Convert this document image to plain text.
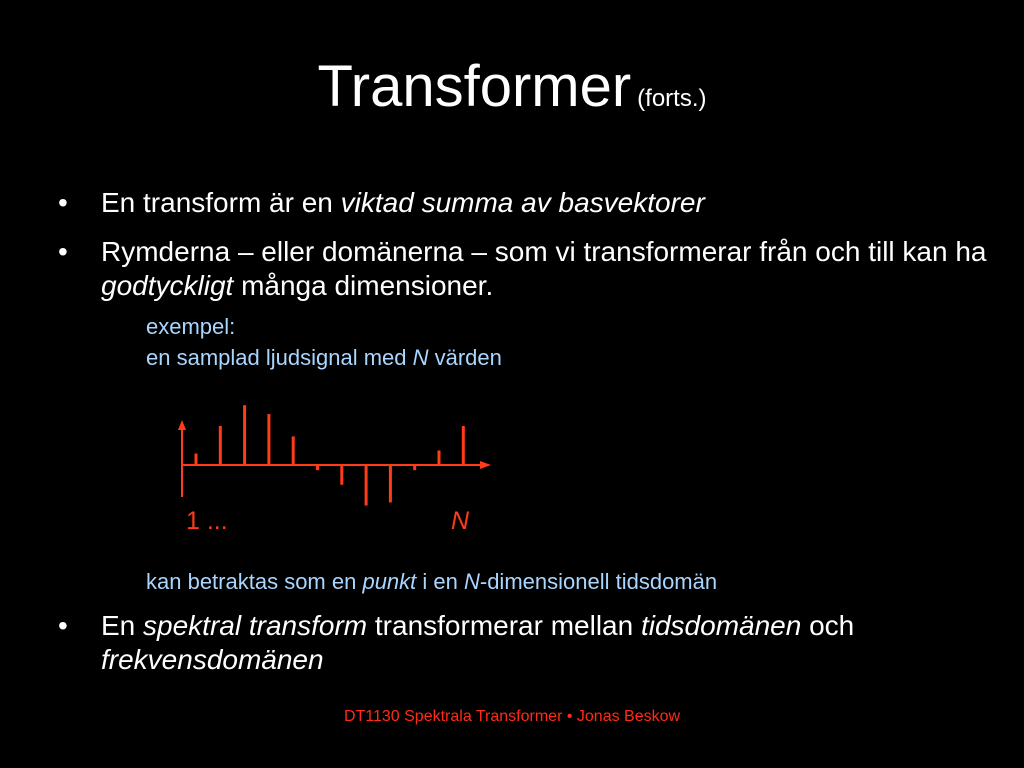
Transformer (forts.)
• En transform är en viktad summa av basvektorer
• Rymderna – eller domänerna – som vi transformerar från och till kan ha godtyckligt många dimensioner.
exempel:
en samplad ljudsignal med N värden
1 ...	N
kan betraktas som en punkt i en N-dimensionell tidsdomän
• En spektral transform transformerar mellan tidsdomänen och frekvensdomänen
DT1130 Spektrala Transformer • Jonas Beskow
